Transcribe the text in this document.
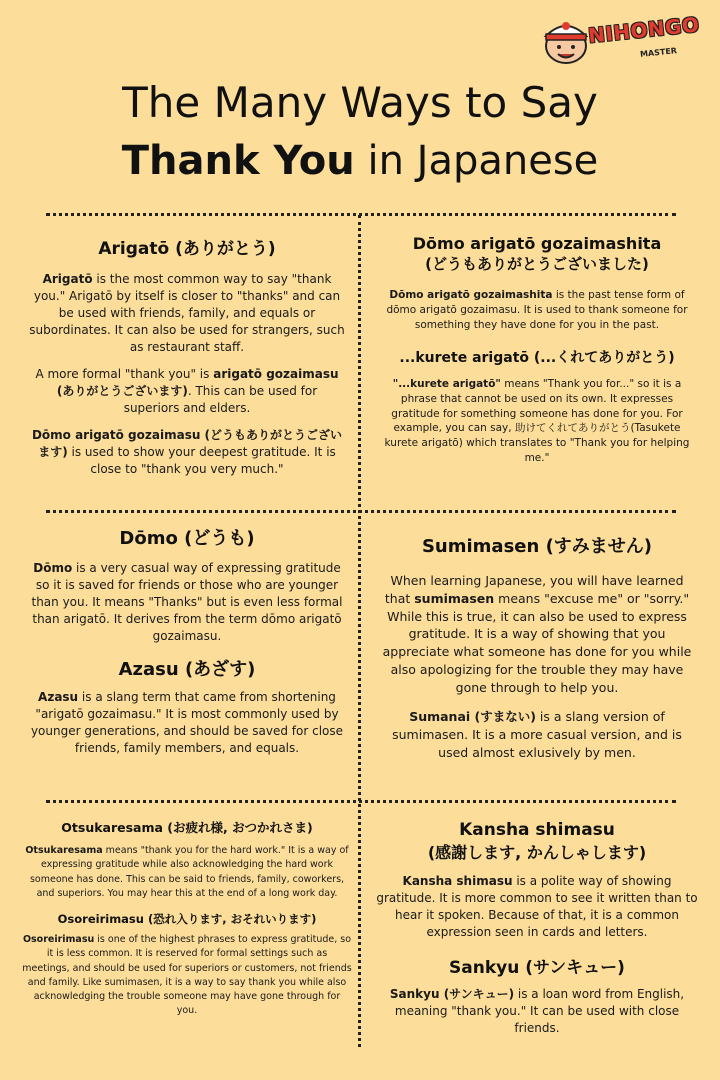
NIHONGO
MASTER
The Many Ways to Say
Thank You in Japanese

Arigatō (ありがとう)

Arigatō is the most common way to say "thank you." Arigatō by itself is closer to "thanks" and can be used with friends, family, and equals or subordinates. It can also be used for strangers, such as restaurant staff.

A more formal "thank you" is arigatō gozaimasu (ありがとうございます). This can be used for superiors and elders.

Dōmo arigatō gozaimasu (どうもありがとうございます) is used to show your deepest gratitude. It is close to "thank you very much."

Dōmo arigatō gozaimashita

(どうもありがとうございました)

Dōmo arigatō gozaimashita is the past tense form of dōmo arigatō gozaimasu. It is used to thank someone for something they have done for you in the past.

...kurete arigatō (...くれてありがとう)

"...kurete arigatō" means "Thank you for..." so it is a phrase that cannot be used on its own. It expresses gratitude for something someone has done for you. For example, you can say, 助けてくれてありがとう(Tasukete kurete arigatō) which translates to "Thank you for helping me."

Dōmo (どうも)

Dōmo is a very casual way of expressing gratitude so it is saved for friends or those who are younger than you. It means "Thanks" but is even less formal than arigatō. It derives from the term dōmo arigatō gozaimasu.

Azasu (あざす)

Azasu is a slang term that came from shortening "arigatō gozaimasu." It is most commonly used by younger generations, and should be saved for close friends, family members, and equals.

Sumimasen (すみません)

When learning Japanese, you will have learned that sumimasen means "excuse me" or "sorry." While this is true, it can also be used to express gratitude. It is a way of showing that you appreciate what someone has done for you while also apologizing for the trouble they may have gone through to help you.

Sumanai (すまない) is a slang version of sumimasen. It is a more casual version, and is used almost exlusively by men.

Otsukaresama (お疲れ様, おつかれさま)

Otsukaresama means "thank you for the hard work." It is a way of expressing gratitude while also acknowledging the hard work someone has done. This can be said to friends, family, coworkers, and superiors. You may hear this at the end of a long work day.

Osoreirimasu (恐れ入ります, おそれいります)

Osoreirimasu is one of the highest phrases to express gratitude, so it is less common. It is reserved for formal settings such as meetings, and should be used for superiors or customers, not friends and family. Like sumimasen, it is a way to say thank you while also acknowledging the trouble someone may have gone through for you.

Kansha shimasu

(感謝します, かんしゃします)

Kansha shimasu is a polite way of showing gratitude. It is more common to see it written than to hear it spoken. Because of that, it is a common expression seen in cards and letters.

Sankyu (サンキュー)

Sankyu (サンキュー) is a loan word from English, meaning "thank you." It can be used with close friends.
